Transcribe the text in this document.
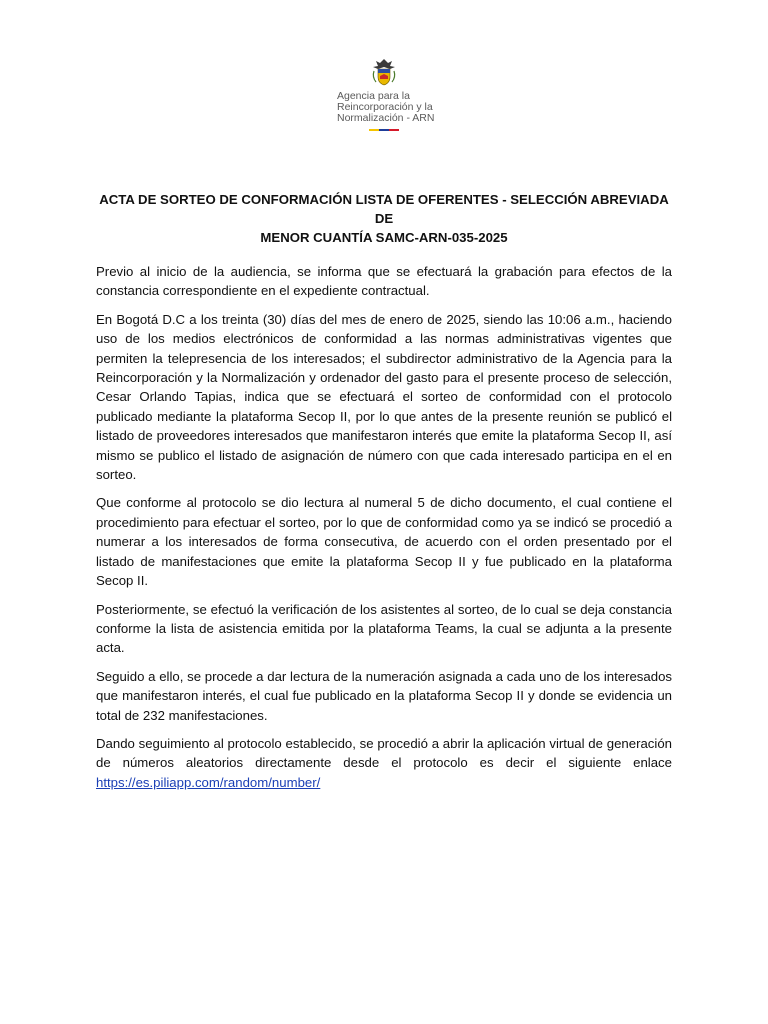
Agencia para la
Reincorporación y la
Normalización - ARN
ACTA DE SORTEO DE CONFORMACIÓN LISTA DE OFERENTES - SELECCIÓN ABREVIADA DE
MENOR CUANTÍA SAMC-ARN-035-2025

Previo al inicio de la audiencia, se informa que se efectuará la grabación para efectos de la constancia correspondiente en el expediente contractual.

En Bogotá D.C a los treinta (30) días del mes de enero de 2025, siendo las 10:06 a.m., haciendo uso de los medios electrónicos de conformidad a las normas administrativas vigentes que permiten la telepresencia de los interesados; el subdirector administrativo de la Agencia para la Reincorporación y la Normalización y ordenador del gasto para el presente proceso de selección, Cesar Orlando Tapias, indica que se efectuará el sorteo de conformidad con el protocolo publicado mediante la plataforma Secop II, por lo que antes de la presente reunión se publicó el listado de proveedores interesados que manifestaron interés que emite la plataforma Secop II, así mismo se publico el listado de asignación de número con que cada interesado participa en el en sorteo.

Que conforme al protocolo se dio lectura al numeral 5 de dicho documento, el cual contiene el procedimiento para efectuar el sorteo, por lo que de conformidad como ya se indicó se procedió a numerar a los interesados de forma consecutiva, de acuerdo con el orden presentado por el listado de manifestaciones que emite la plataforma Secop II y fue publicado en la plataforma Secop II.

Posteriormente, se efectuó la verificación de los asistentes al sorteo, de lo cual se deja constancia conforme la lista de asistencia emitida por la plataforma Teams, la cual se adjunta a la presente acta.

Seguido a ello, se procede a dar lectura de la numeración asignada a cada uno de los interesados que manifestaron interés, el cual fue publicado en la plataforma Secop II y donde se evidencia un total de 232 manifestaciones.

Dando seguimiento al protocolo establecido, se procedió a abrir la aplicación virtual de generación de números aleatorios directamente desde el protocolo es decir el siguiente enlace

https://es.piliapp.com/random/number/
